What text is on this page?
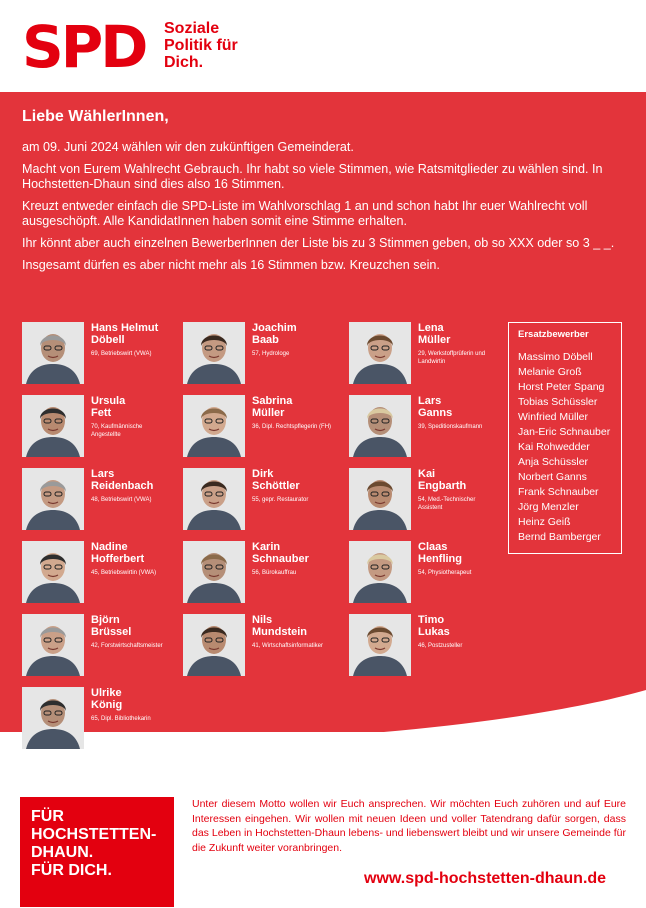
SPD Soziale
Politik für
Dich.
Liebe WählerInnen,

am 09. Juni 2024 wählen wir den zukünftigen Gemeinderat.

Macht von Eurem Wahlrecht Gebrauch. Ihr habt so viele Stimmen, wie Ratsmitglieder zu wählen sind. In Hochstetten-Dhaun sind dies also 16 Stimmen.

Kreuzt entweder einfach die SPD-Liste im Wahlvorschlag 1 an und schon habt Ihr euer Wahlrecht voll ausgeschöpft. Alle KandidatInnen haben somit eine Stimme erhalten.

Ihr könnt aber auch einzelnen BewerberInnen der Liste bis zu 3 Stimmen geben, ob so XXX oder so 3 _ _.

Insgesamt dürfen es aber nicht mehr als 16 Stimmen bzw. Kreuzchen sein.

Hans Helmut
Döbell
69, Betriebswirt (VWA)
Joachim
Baab
57, Hydrologe
Lena
Müller
29, Werkstoffprüferin und Landwirtin
Ursula
Fett
70, Kaufmännische Angestellte
Sabrina
Müller
36, Dipl. Rechtspflegerin (FH)
Lars
Ganns
39, Speditionskaufmann
Lars
Reidenbach
48, Betriebswirt (VWA)
Dirk
Schöttler
55, gepr. Restaurator
Kai
Engbarth
54, Med.-Technischer Assistent
Nadine
Hofferbert
45, Betriebswirtin (VWA)
Karin
Schnauber
56, Bürokauffrau
Claas
Henfling
54, Physiotherapeut
Björn
Brüssel
42, Forstwirtschaftsmeister
Nils
Mundstein
41, Wirtschaftsinformatiker
Timo
Lukas
46, Postzusteller
Ulrike
König
65, Dipl. Bibliothekarin
Ersatzbewerber
Massimo Döbell
Melanie Groß
Horst Peter Spang
Tobias Schüssler
Winfried Müller
Jan-Eric Schnauber
Kai Rohwedder
Anja Schüssler
Norbert Ganns
Frank Schnauber
Jörg Menzler
Heinz Geiß
Bernd Bamberger
FÜR
HOCHSTETTEN-
DHAUN.
FÜR DICH.
Unter diesem Motto wollen wir Euch ansprechen. Wir möchten Euch zuhören und auf Eure Interessen eingehen. Wir wollen mit neuen Ideen und voller Tatendrang dafür sorgen, dass das Leben in Hochstetten-Dhaun lebens- und liebenswert bleibt und wir unsere Gemeinde für die Zukunft weiter voranbringen.
www.spd-hochstetten-dhaun.de
